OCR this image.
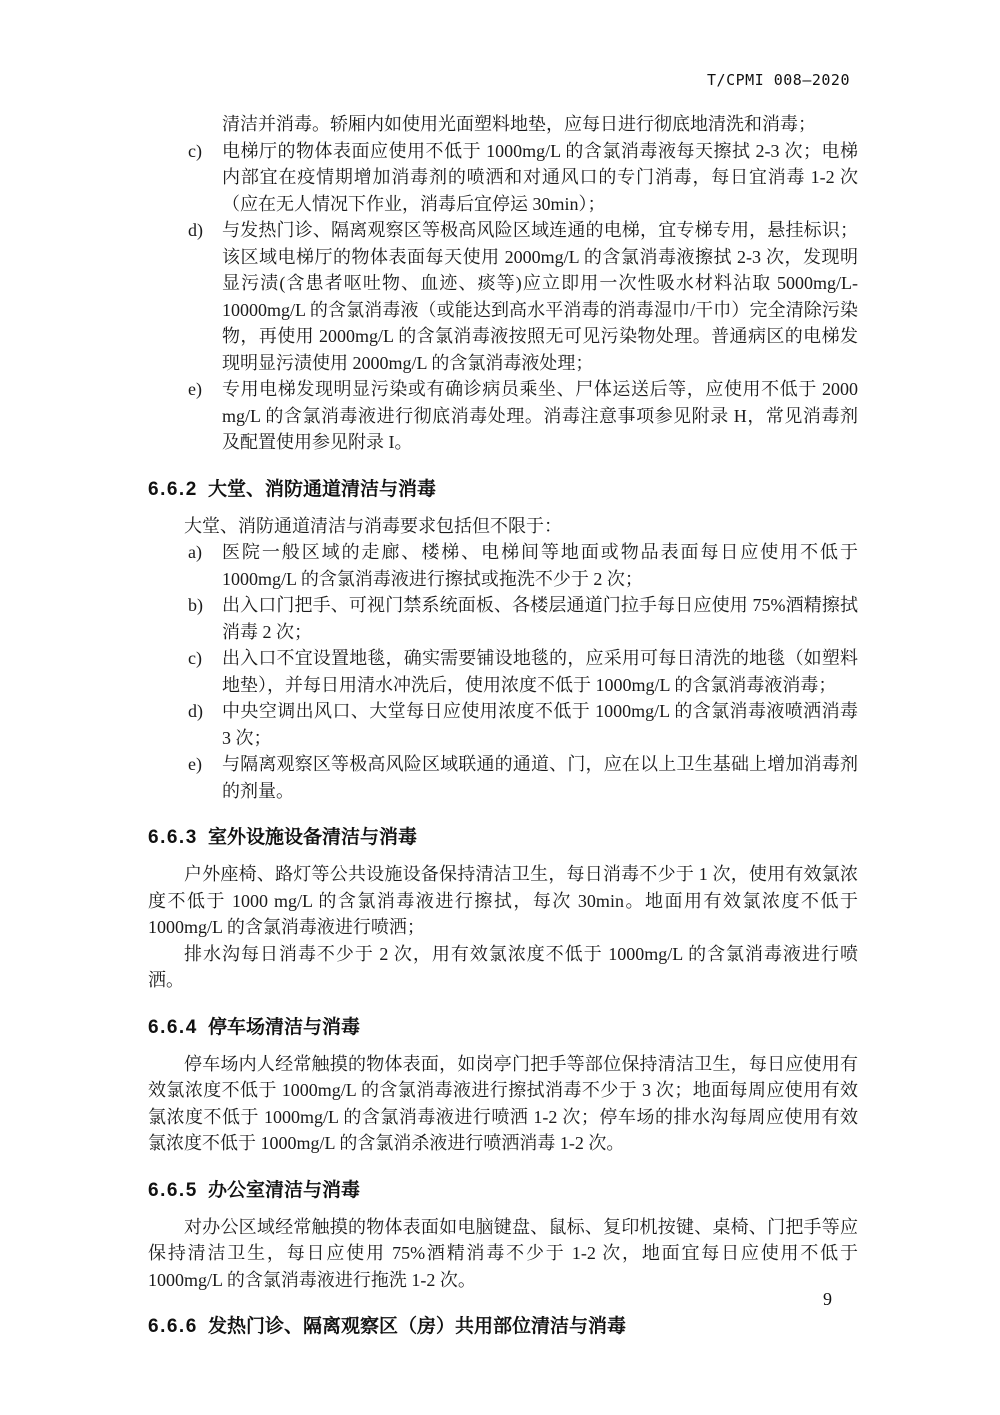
T/CPMI 008—2020
清洁并消毒。轿厢内如使用光面塑料地垫，应每日进行彻底地清洗和消毒；
c) 电梯厅的物体表面应使用不低于 1000mg/L 的含氯消毒液每天擦拭 2-3 次；电梯内部宜在疫情期增加消毒剂的喷洒和对通风口的专门消毒，每日宜消毒 1-2 次（应在无人情况下作业，消毒后宜停运 30min）；
d) 与发热门诊、隔离观察区等极高风险区域连通的电梯，宜专梯专用，悬挂标识；该区域电梯厅的物体表面每天使用 2000mg/L 的含氯消毒液擦拭 2-3 次，发现明显污渍(含患者呕吐物、血迹、痰等)应立即用一次性吸水材料沾取 5000mg/L-10000mg/L 的含氯消毒液（或能达到高水平消毒的消毒湿巾/干巾）完全清除污染物，再使用 2000mg/L 的含氯消毒液按照无可见污染物处理。普通病区的电梯发现明显污渍使用 2000mg/L 的含氯消毒液处理；
e) 专用电梯发现明显污染或有确诊病员乘坐、尸体运送后等，应使用不低于 2000 mg/L 的含氯消毒液进行彻底消毒处理。消毒注意事项参见附录 H，常见消毒剂及配置使用参见附录 I。
6.6.2 大堂、消防通道清洁与消毒

大堂、消防通道清洁与消毒要求包括但不限于：

a) 医院一般区域的走廊、楼梯、电梯间等地面或物品表面每日应使用不低于 1000mg/L 的含氯消毒液进行擦拭或拖洗不少于 2 次；
b) 出入口门把手、可视门禁系统面板、各楼层通道门拉手每日应使用 75%酒精擦拭消毒 2 次；
c) 出入口不宜设置地毯，确实需要铺设地毯的，应采用可每日清洗的地毯（如塑料地垫），并每日用清水冲洗后，使用浓度不低于 1000mg/L 的含氯消毒液消毒；
d) 中央空调出风口、大堂每日应使用浓度不低于 1000mg/L 的含氯消毒液喷洒消毒 3 次；
e) 与隔离观察区等极高风险区域联通的通道、门，应在以上卫生基础上增加消毒剂的剂量。
6.6.3 室外设施设备清洁与消毒

户外座椅、路灯等公共设施设备保持清洁卫生，每日消毒不少于 1 次，使用有效氯浓度不低于 1000 mg/L 的含氯消毒液进行擦拭，每次 30min。地面用有效氯浓度不低于 1000mg/L 的含氯消毒液进行喷洒；

排水沟每日消毒不少于 2 次，用有效氯浓度不低于 1000mg/L 的含氯消毒液进行喷洒。

6.6.4 停车场清洁与消毒

停车场内人经常触摸的物体表面，如岗亭门把手等部位保持清洁卫生，每日应使用有效氯浓度不低于 1000mg/L 的含氯消毒液进行擦拭消毒不少于 3 次；地面每周应使用有效氯浓度不低于 1000mg/L 的含氯消毒液进行喷洒 1-2 次；停车场的排水沟每周应使用有效氯浓度不低于 1000mg/L 的含氯消杀液进行喷洒消毒 1-2 次。

6.6.5 办公室清洁与消毒

对办公区域经常触摸的物体表面如电脑键盘、鼠标、复印机按键、桌椅、门把手等应保持清洁卫生，每日应使用 75%酒精消毒不少于 1-2 次，地面宜每日应使用不低于 1000mg/L 的含氯消毒液进行拖洗 1-2 次。

6.6.6 发热门诊、隔离观察区（房）共用部位清洁与消毒
9
